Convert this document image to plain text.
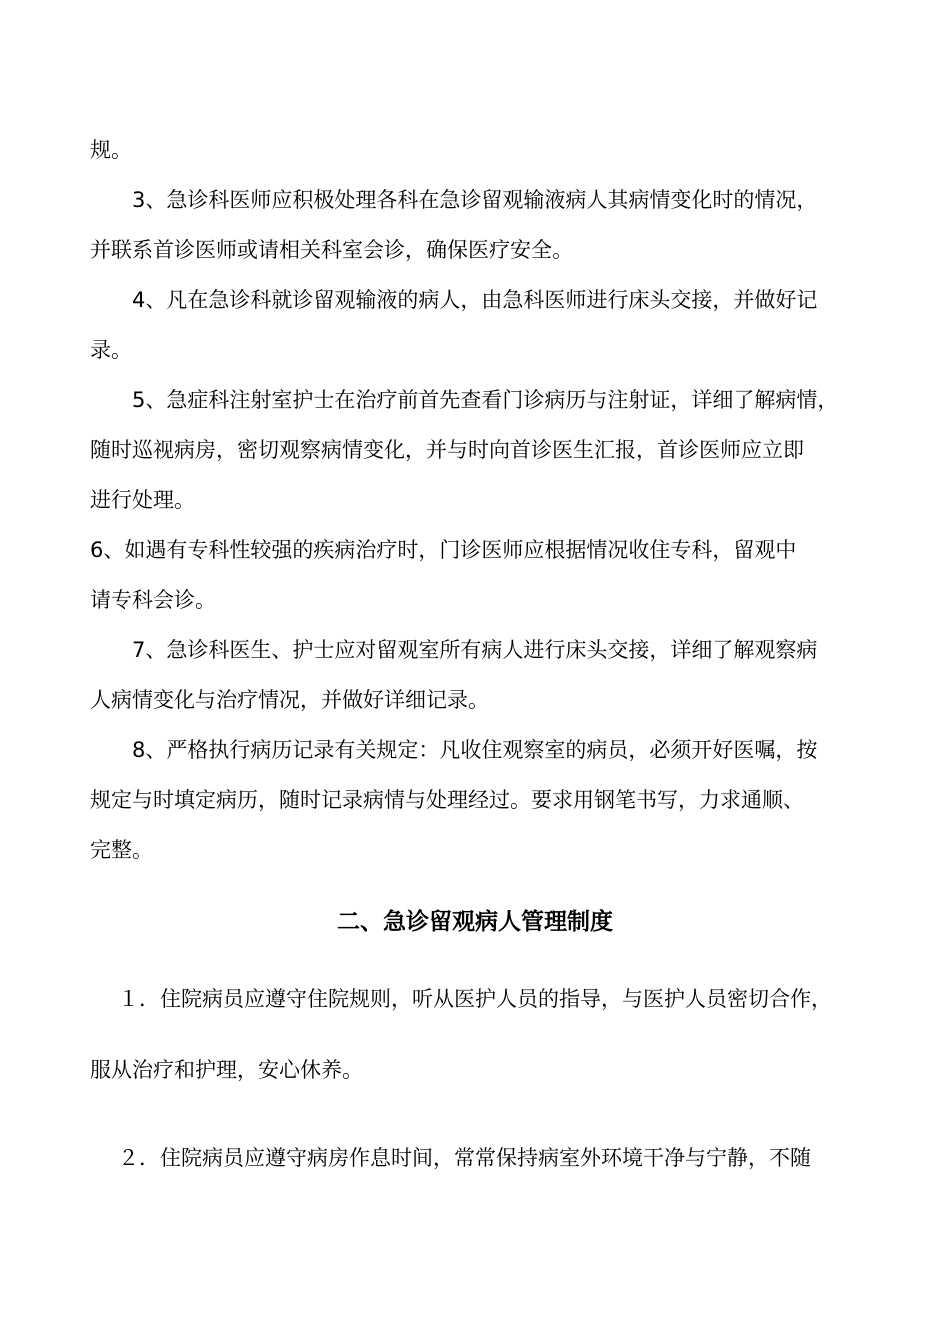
规。
3、急诊科医师应积极处理各科在急诊留观输液病人其病情变化时的情况，
并联系首诊医师或请相关科室会诊，确保医疗安全。
4、凡在急诊科就诊留观输液的病人，由急科医师进行床头交接，并做好记
录。
5、急症科注射室护士在治疗前首先查看门诊病历与注射证，详细了解病情，
随时巡视病房，密切观察病情变化，并与时向首诊医生汇报，首诊医师应立即
进行处理。
6、如遇有专科性较强的疾病治疗时，门诊医师应根据情况收住专科，留观中
请专科会诊。
7、急诊科医生、护士应对留观室所有病人进行床头交接，详细了解观察病
人病情变化与治疗情况，并做好详细记录。
8、严格执行病历记录有关规定：凡收住观察室的病员，必须开好医嘱，按
规定与时填定病历，随时记录病情与处理经过。要求用钢笔书写，力求通顺、
完整。
二、急诊留观病人管理制度
１．住院病员应遵守住院规则，听从医护人员的指导，与医护人员密切合作，
服从治疗和护理，安心休养。
２．住院病员应遵守病房作息时间，常常保持病室外环境干净与宁静，不随
